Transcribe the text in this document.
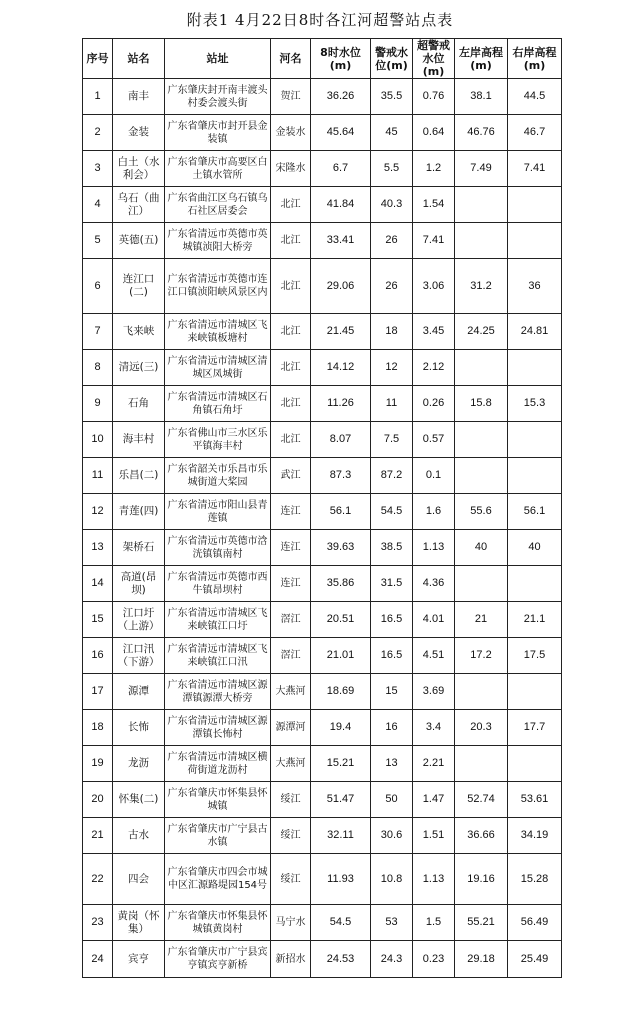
附表1 4月22日8时各江河超警站点表
序号	站名	站址	河名	8时水位(m)	警戒水位(m)	超警戒水位(m)	左岸高程(m)	右岸高程(m)
1	南丰	广东肇庆封开南丰渡头村委会渡头街	贺江	36.26	35.5	0.76	38.1	44.5
2	金装	广东省肇庆市封开县金装镇	金装水	45.64	45	0.64	46.76	46.7
3	白土（水利会）	广东省肇庆市高要区白土镇水管所	宋隆水	6.7	5.5	1.2	7.49	7.41
4	乌石（曲江）	广东省曲江区乌石镇乌石社区居委会	北江	41.84	40.3	1.54		
5	英德(五)	广东省清远市英德市英城镇浈阳大桥旁	北江	33.41	26	7.41		
6	连江口(二)	广东省清远市英德市连江口镇浈阳峡风景区内	北江	29.06	26	3.06	31.2	36
7	飞来峡	广东省清远市清城区飞来峡镇板塘村	北江	21.45	18	3.45	24.25	24.81
8	清远(三)	广东省清远市清城区清城区凤城街	北江	14.12	12	2.12		
9	石角	广东省清远市清城区石角镇石角圩	北江	11.26	11	0.26	15.8	15.3
10	海丰村	广东省佛山市三水区乐平镇海丰村	北江	8.07	7.5	0.57		
11	乐昌(二)	广东省韶关市乐昌市乐城街道大桨园	武江	87.3	87.2	0.1		
12	青莲(四)	广东省清远市阳山县青莲镇	连江	56.1	54.5	1.6	55.6	56.1
13	架桥石	广东省清远市英德市浛洸镇镇南村	连江	39.63	38.5	1.13	40	40
14	高道(昂坝)	广东省清远市英德市西牛镇昂坝村	连江	35.86	31.5	4.36		
15	江口圩（上游）	广东省清远市清城区飞来峡镇江口圩	滘江	20.51	16.5	4.01	21	21.1
16	江口汛（下游）	广东省清远市清城区飞来峡镇江口汛	滘江	21.01	16.5	4.51	17.2	17.5
17	源潭	广东省清远市清城区源潭镇源潭大桥旁	大燕河	18.69	15	3.69		
18	长怖	广东省清远市清城区源潭镇长怖村	源潭河	19.4	16	3.4	20.3	17.7
19	龙沥	广东省清远市清城区横荷街道龙沥村	大燕河	15.21	13	2.21		
20	怀集(二)	广东省肇庆市怀集县怀城镇	绥江	51.47	50	1.47	52.74	53.61
21	古水	广东省肇庆市广宁县古水镇	绥江	32.11	30.6	1.51	36.66	34.19
22	四会	广东省肇庆市四会市城中区汇源路堤园154号	绥江	11.93	10.8	1.13	19.16	15.28
23	黄岗（怀集）	广东省肇庆市怀集县怀城镇黄岗村	马宁水	54.5	53	1.5	55.21	56.49
24	宾亨	广东省肇庆市广宁县宾亨镇宾亨新桥	新招水	24.53	24.3	0.23	29.18	25.49
